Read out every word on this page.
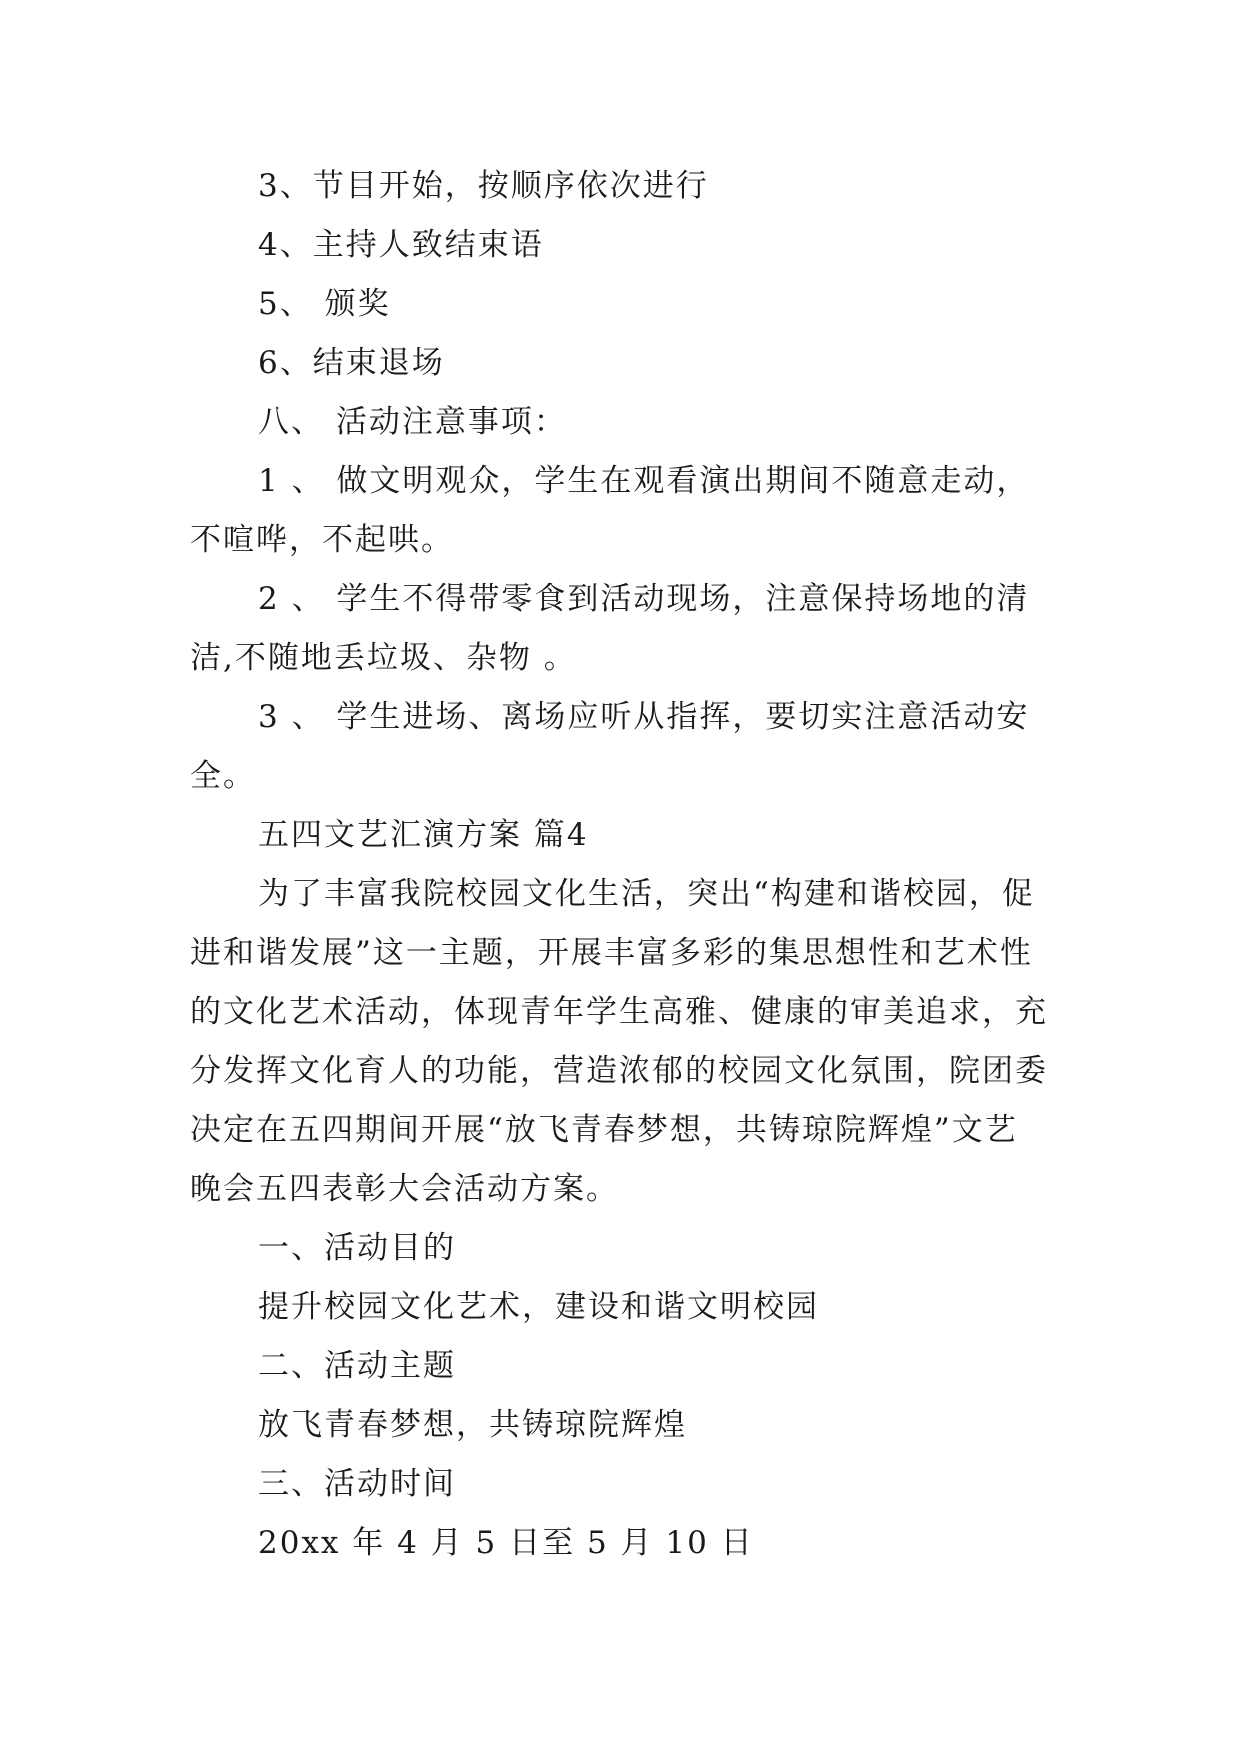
3、节目开始，按顺序依次进行
4、主持人致结束语
5、 颁奖
6、结束退场
八、 活动注意事项：
1 、 做文明观众，学生在观看演出期间不随意走动，
不喧哗，不起哄。
2 、 学生不得带零食到活动现场，注意保持场地的清
洁,不随地丢垃圾、杂物 。
3 、 学生进场、离场应听从指挥，要切实注意活动安
全。
五四文艺汇演方案 篇4
为了丰富我院校园文化生活，突出“构建和谐校园，促
进和谐发展”这一主题，开展丰富多彩的集思想性和艺术性
的文化艺术活动，体现青年学生高雅、健康的审美追求，充
分发挥文化育人的功能，营造浓郁的校园文化氛围，院团委
决定在五四期间开展“放飞青春梦想，共铸琼院辉煌”文艺
晚会五四表彰大会活动方案。
一、活动目的
提升校园文化艺术，建设和谐文明校园
二、活动主题
放飞青春梦想，共铸琼院辉煌
三、活动时间
20xx 年 4 月 5 日至 5 月 10 日
